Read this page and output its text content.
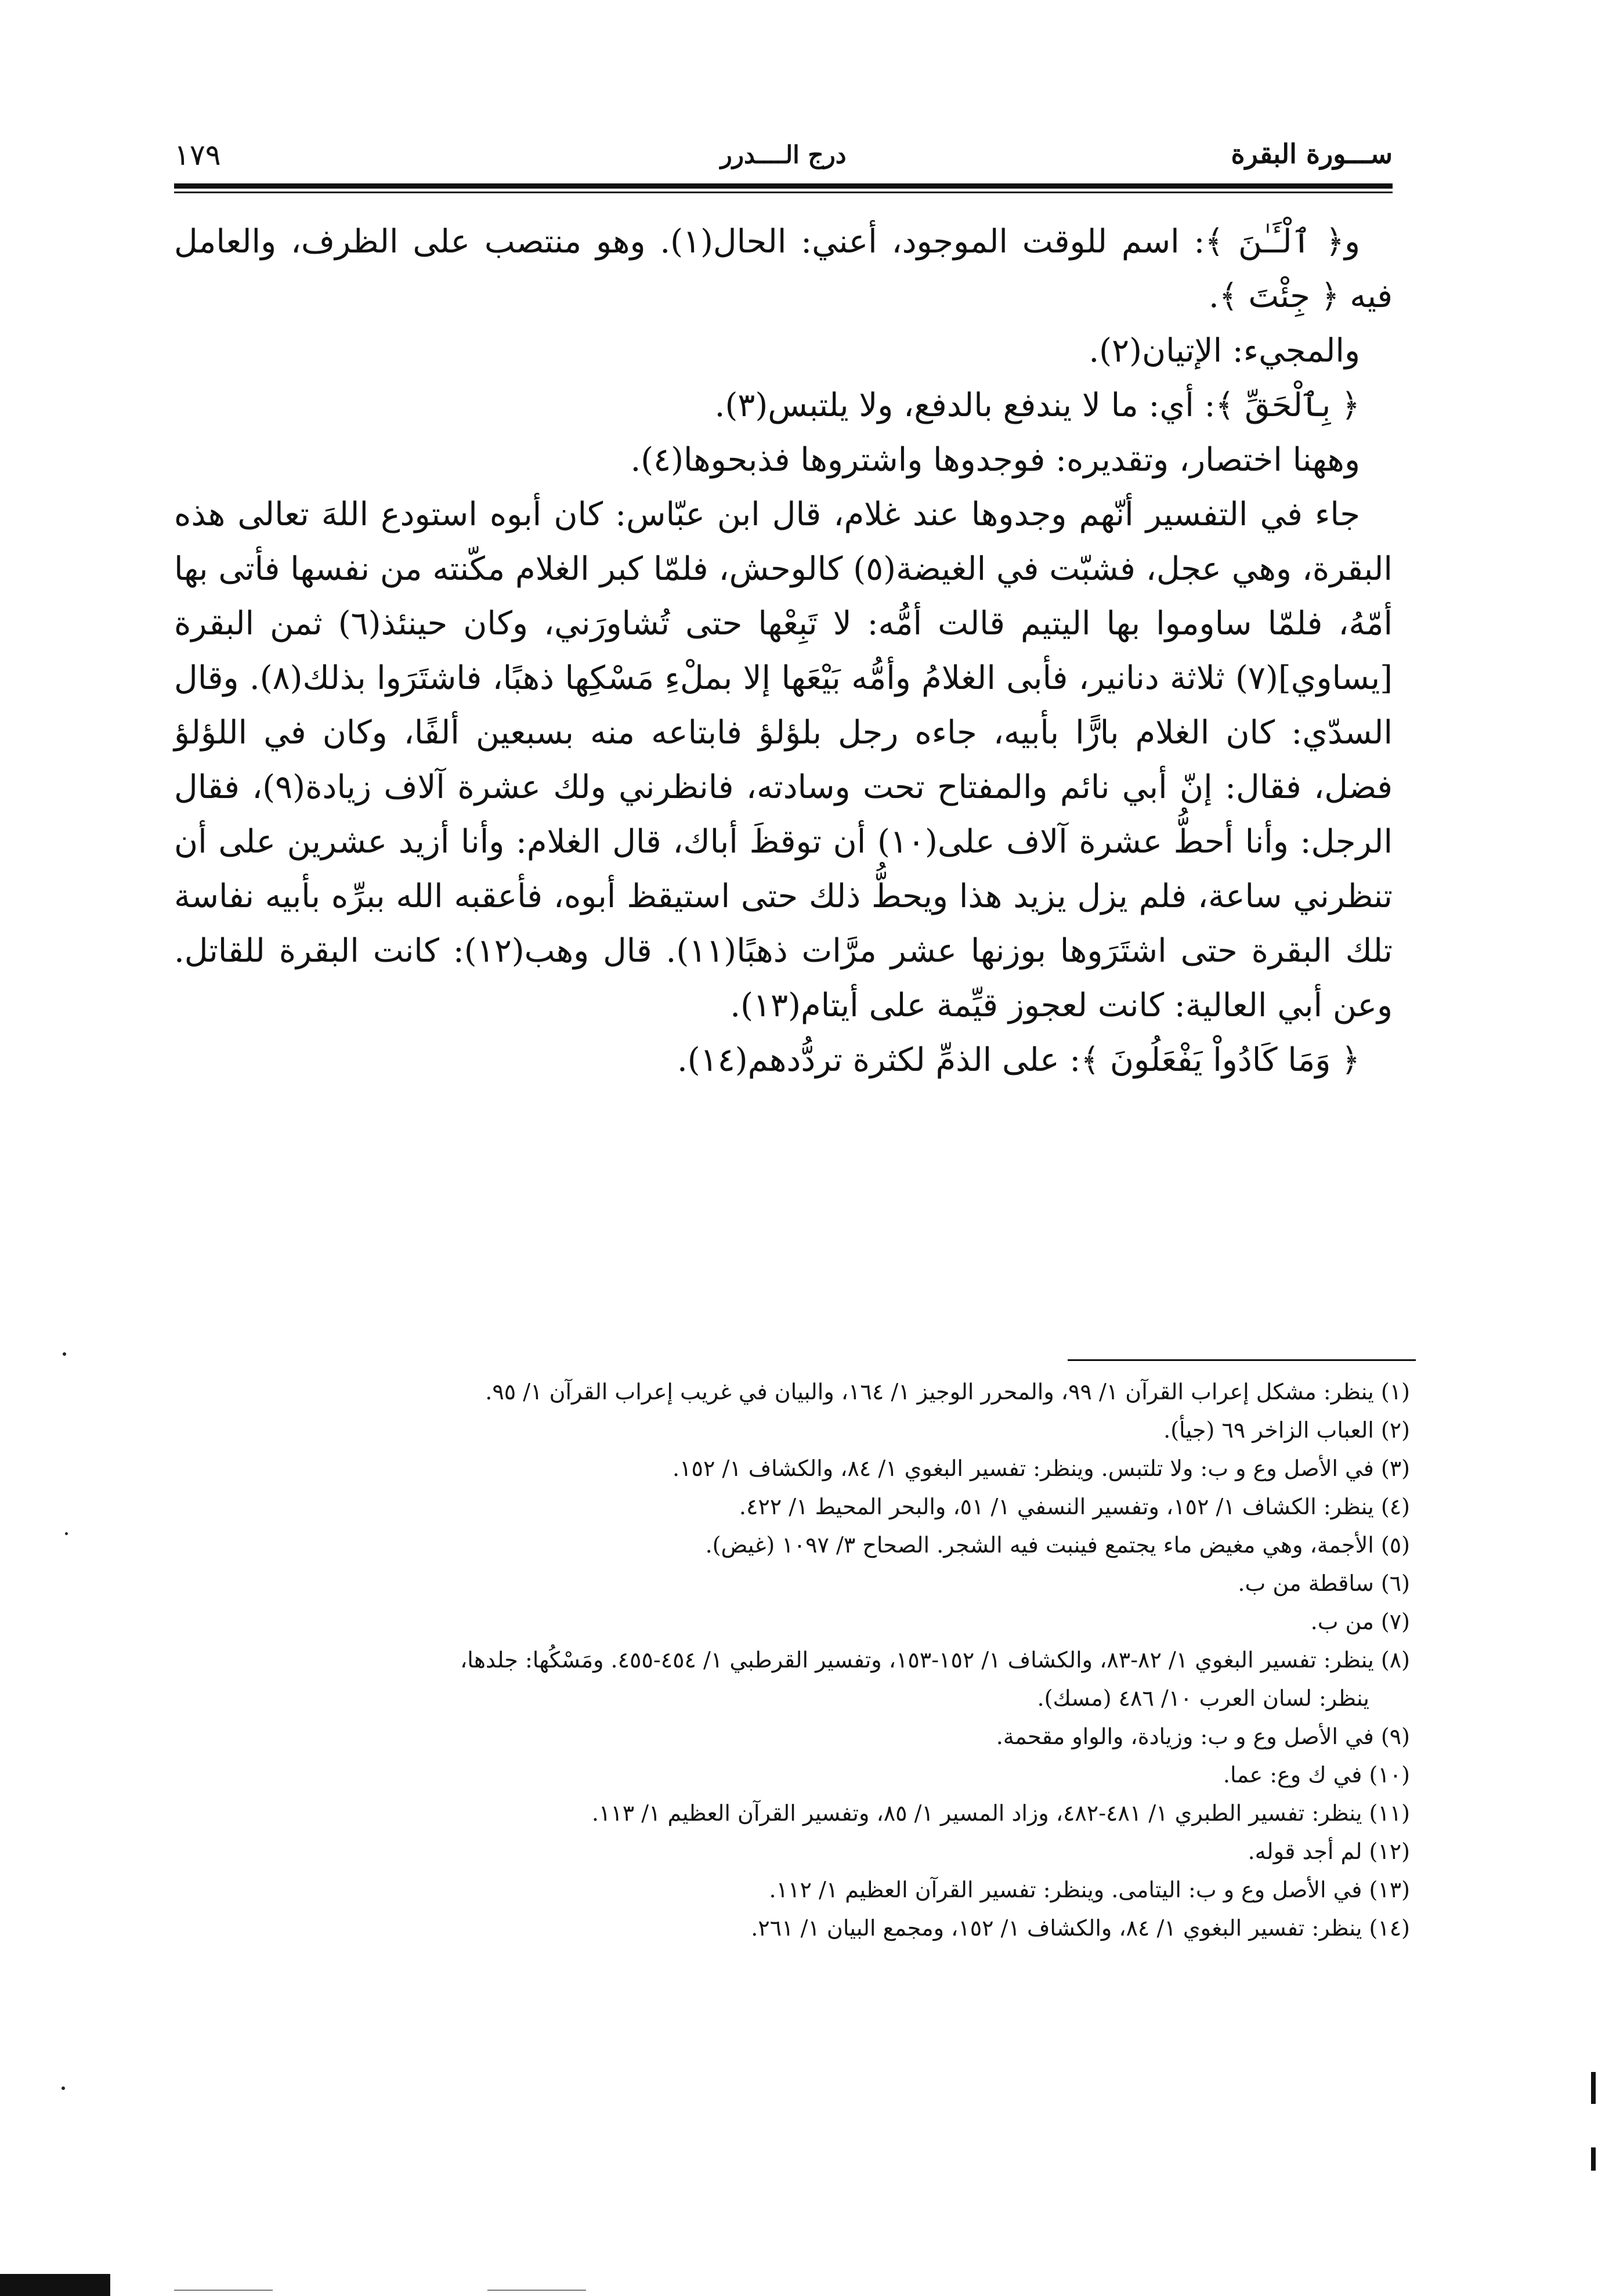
ســـورة البقرة
درج الــــدرر
١٧٩

و﴿ ٱلْـَٔـٰنَ ﴾: اسم للوقت الموجود، أعني: الحال(١). وهو منتصب على الظرف، والعامل فيه ﴿ جِئْتَ ﴾.

والمجيء: الإتيان(٢).

﴿ بِٱلْحَقِّ ﴾: أي: ما لا يندفع بالدفع، ولا يلتبس(٣).

وههنا اختصار، وتقديره: فوجدوها واشتروها فذبحوها(٤).

جاء في التفسير أنّهم وجدوها عند غلام، قال ابن عبّاس: كان أبوه استودع اللهَ تعالى هذه البقرة، وهي عجل، فشبّت في الغيضة(٥) كالوحش، فلمّا كبر الغلام مكّنته من نفسها فأتى بها أمّهُ، فلمّا ساوموا بها اليتيم قالت أمُّه: لا تَبِعْها حتى تُشاورَني، وكان حينئذ(٦) ثمن البقرة [يساوي](٧) ثلاثة دنانير، فأبى الغلامُ وأمُّه بَيْعَها إلا بملْءِ مَسْكِها ذهبًا، فاشتَرَوا بذلك(٨). وقال السدّي: كان الغلام بارًّا بأبيه، جاءه رجل بلؤلؤ فابتاعه منه بسبعين ألفًا، وكان في اللؤلؤ فضل، فقال: إنّ أبي نائم والمفتاح تحت وسادته، فانظرني ولك عشرة آلاف زيادة(٩)، فقال الرجل: وأنا أحطُّ عشرة آلاف على(١٠) أن توقظَ أباك، قال الغلام: وأنا أزيد عشرين على أن تنظرني ساعة، فلم يزل يزيد هذا ويحطُّ ذلك حتى استيقظ أبوه، فأعقبه الله ببرِّه بأبيه نفاسة تلك البقرة حتى اشتَرَوها بوزنها عشر مرَّات ذهبًا(١١). قال وهب(١٢): كانت البقرة للقاتل. وعن أبي العالية: كانت لعجوز قيِّمة على أيتام(١٣).

﴿ وَمَا كَادُواْ يَفْعَلُونَ ﴾: على الذمِّ لكثرة تردُّدهم(١٤).

(١) ينظر: مشكل إعراب القرآن ١/ ٩٩، والمحرر الوجيز ١/ ١٦٤، والبيان في غريب إعراب القرآن ١/ ٩٥.

(٢) العباب الزاخر ٦٩ (جيأ).

(٣) في الأصل وع و ب: ولا تلتبس. وينظر: تفسير البغوي ١/ ٨٤، والكشاف ١/ ١٥٢.

(٤) ينظر: الكشاف ١/ ١٥٢، وتفسير النسفي ١/ ٥١، والبحر المحيط ١/ ٤٢٢.

(٥) الأجمة، وهي مغيض ماء يجتمع فينبت فيه الشجر. الصحاح ٣/ ١٠٩٧ (غيض).

(٦) ساقطة من ب.

(٧) من ب.

(٨) ينظر: تفسير البغوي ١/ ٨٢-٨٣، والكشاف ١/ ١٥٢-١٥٣، وتفسير القرطبي ١/ ٤٥٤-٤٥٥. ومَسْكُها: جلدها،

ينظر: لسان العرب ١٠/ ٤٨٦ (مسك).

(٩) في الأصل وع و ب: وزيادة، والواو مقحمة.

(١٠) في ك وع: عما.

(١١) ينظر: تفسير الطبري ١/ ٤٨١-٤٨٢، وزاد المسير ١/ ٨٥، وتفسير القرآن العظيم ١/ ١١٣.

(١٢) لم أجد قوله.

(١٣) في الأصل وع و ب: اليتامى. وينظر: تفسير القرآن العظيم ١/ ١١٢.

(١٤) ينظر: تفسير البغوي ١/ ٨٤، والكشاف ١/ ١٥٢، ومجمع البيان ١/ ٢٦١.
